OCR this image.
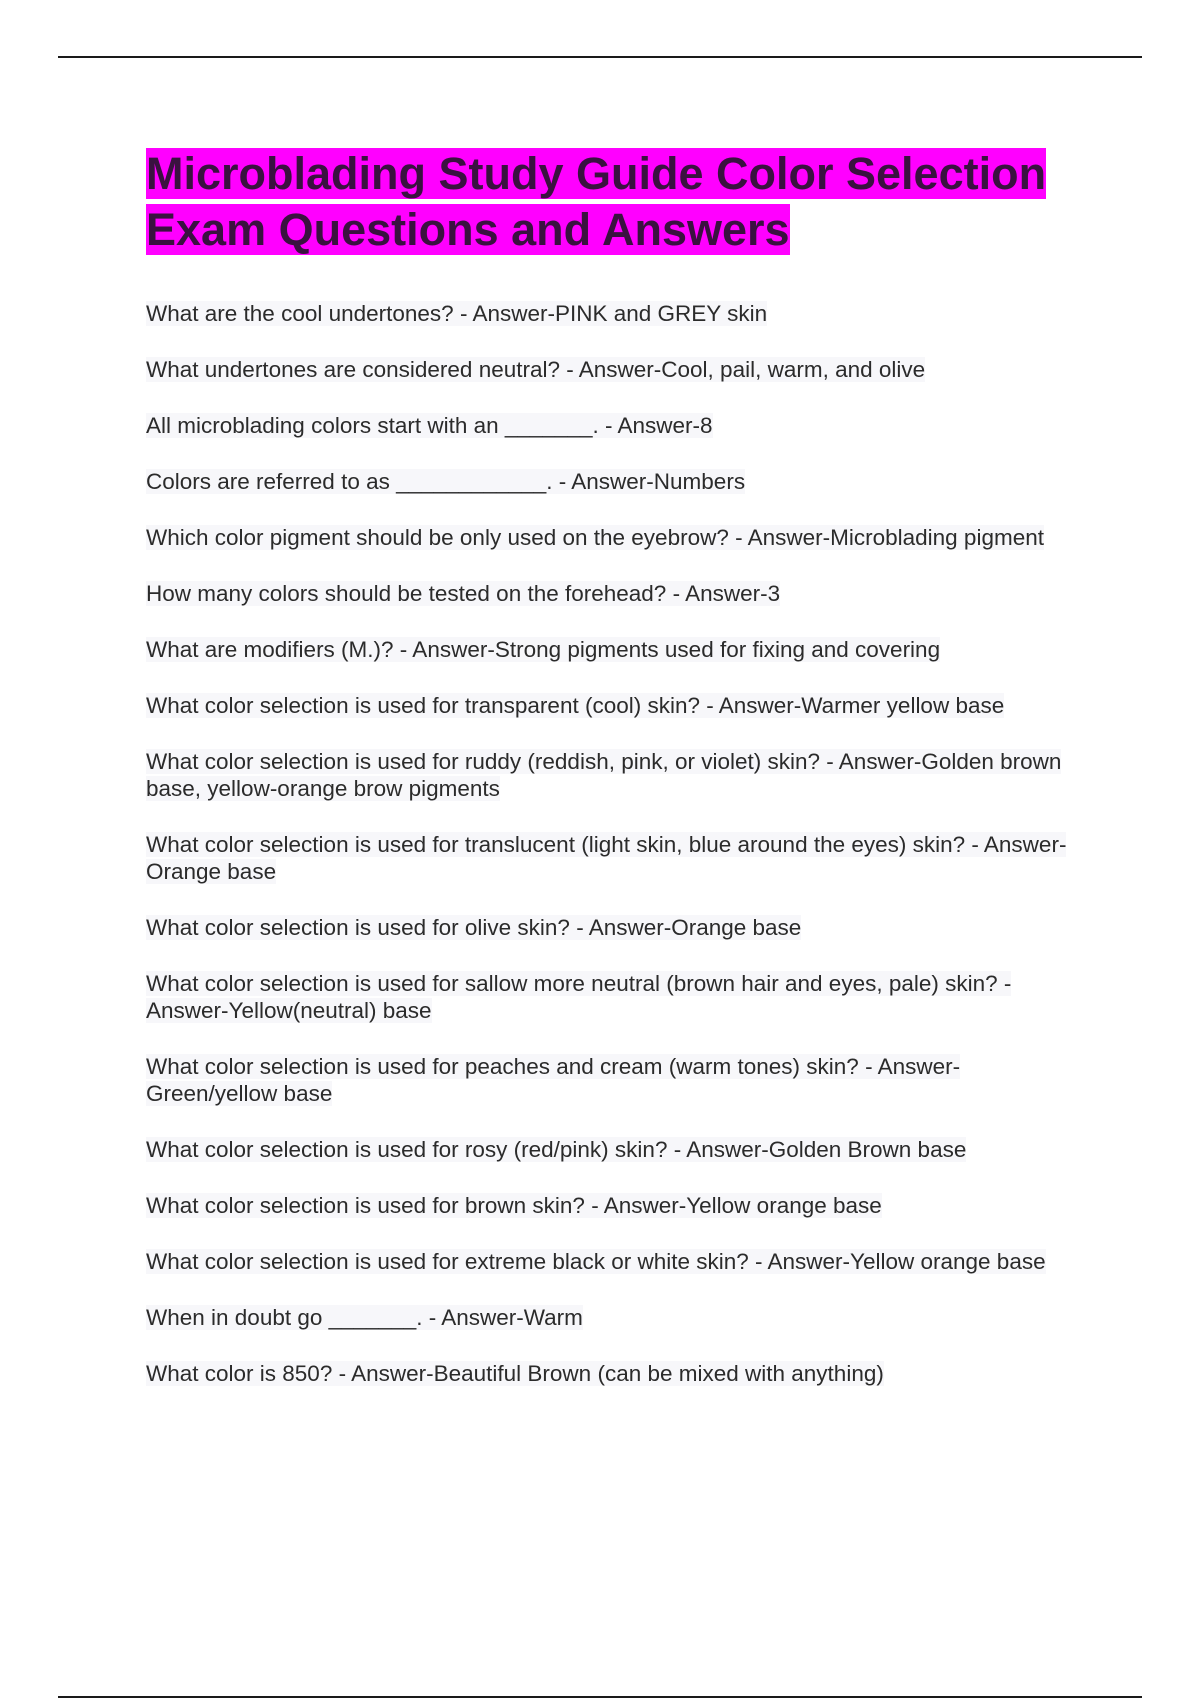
Microblading Study Guide Color Selection Exam Questions and Answers

What are the cool undertones? - Answer-PINK and GREY skin

What undertones are considered neutral? - Answer-Cool, pail, warm, and olive

All microblading colors start with an _______. - Answer-8

Colors are referred to as ____________. - Answer-Numbers

Which color pigment should be only used on the eyebrow? - Answer-Microblading pigment

How many colors should be tested on the forehead? - Answer-3

What are modifiers (M.)? - Answer-Strong pigments used for fixing and covering

What color selection is used for transparent (cool) skin? - Answer-Warmer yellow base

What color selection is used for ruddy (reddish, pink, or violet) skin? - Answer-Golden brown base, yellow-orange brow pigments

What color selection is used for translucent (light skin, blue around the eyes) skin? - Answer-Orange base

What color selection is used for olive skin? - Answer-Orange base

What color selection is used for sallow more neutral (brown hair and eyes, pale) skin? - Answer-Yellow(neutral) base

What color selection is used for peaches and cream (warm tones) skin? - Answer-Green/yellow base

What color selection is used for rosy (red/pink) skin? - Answer-Golden Brown base

What color selection is used for brown skin? - Answer-Yellow orange base

What color selection is used for extreme black or white skin? - Answer-Yellow orange base

When in doubt go _______. - Answer-Warm

What color is 850? - Answer-Beautiful Brown (can be mixed with anything)
